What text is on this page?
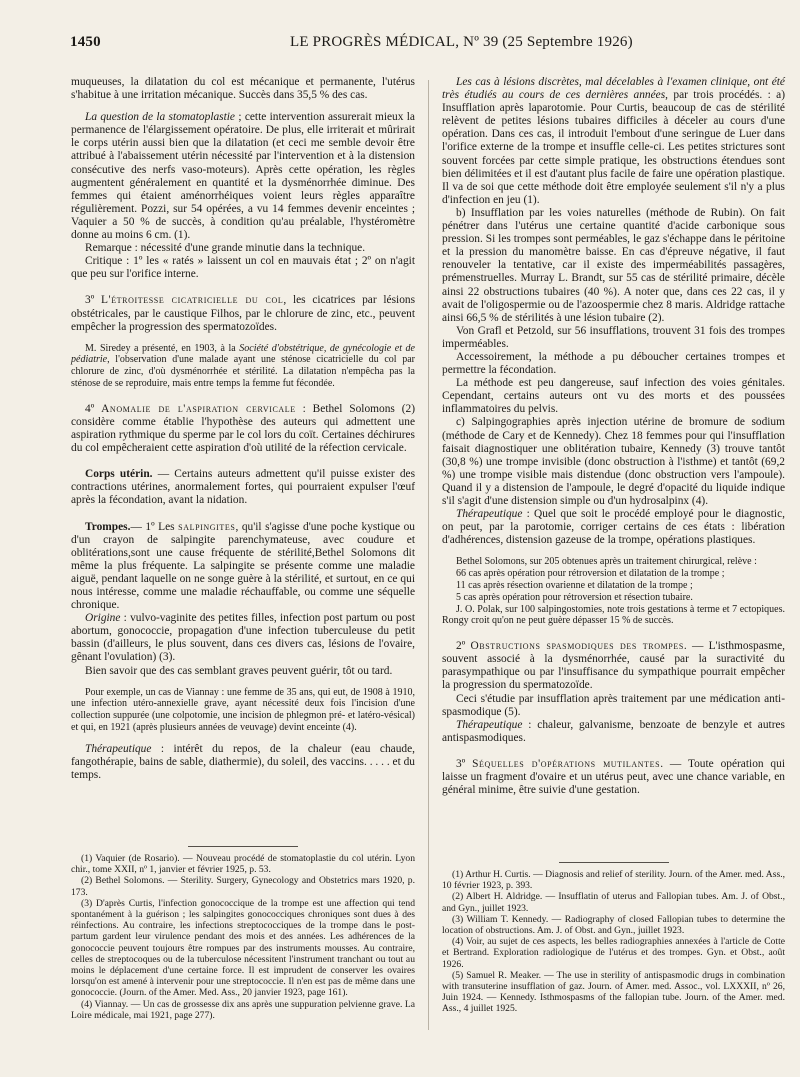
1450	LE PROGRÈS MÉDICAL, Nº 39 (25 Septembre 1926)

muqueuses, la dilatation du col est mécanique et permanente, l'utérus s'habitue à une irritation mécanique. Succès dans 35,5 % des cas.

La question de la stomatoplastie ; cette intervention assurerait mieux la permanence de l'élargissement opératoire. De plus, elle irriterait et mûrirait le corps utérin aussi bien que la dilatation (et ceci me semble devoir être attribué à l'abaissement utérin nécessité par l'intervention et à la distension consécutive des nerfs vaso-moteurs). Après cette opération, les règles augmentent généralement en quantité et la dysménorrhée diminue. Des femmes qui étaient aménorrhéiques voient leurs règles apparaître régulièrement. Pozzi, sur 54 opérées, a vu 14 femmes devenir enceintes ; Vaquier a 50 % de succès, à condition qu'au préalable, l'hystéromètre donne au moins 6 cm. (1).

Remarque : nécessité d'une grande minutie dans la technique.

Critique : 1º les « ratés » laissent un col en mauvais état ; 2º on n'agit que peu sur l'orifice interne.

3º L'étroitesse cicatricielle du col, les cicatrices par lésions obstétricales, par le caustique Filhos, par le chlorure de zinc, etc., peuvent empêcher la progression des spermatozoïdes.

M. Siredey a présenté, en 1903, à la Société d'obstétrique, de gynécologie et de pédiatrie, l'observation d'une malade ayant une sténose cicatricielle du col par chlorure de zinc, d'où dysménorrhée et stérilité. La dilatation n'empêcha pas la sténose de se reproduire, mais entre temps la femme fut fécondée.

4º Anomalie de l'aspiration cervicale : Bethel Solomons (2) considère comme établie l'hypothèse des auteurs qui admettent une aspiration rythmique du sperme par le col lors du coït. Certaines déchirures du col empêcheraient cette aspiration d'où utilité de la réfection cervicale.

Corps utérin. — Certains auteurs admettent qu'il puisse exister des contractions utérines, anormalement fortes, qui pourraient expulser l'œuf après la fécondation, avant la nidation.

Trompes.— 1º Les salpingites, qu'il s'agisse d'une poche kystique ou d'un crayon de salpingite parenchymateuse, avec coudure et oblitérations,sont une cause fréquente de stérilité,Bethel Solomons dit même la plus fréquente. La salpingite se présente comme une maladie aiguë, pendant laquelle on ne songe guère à la stérilité, et surtout, en ce qui nous intéresse, comme une maladie réchauffable, ou comme une séquelle chronique.

Origine : vulvo-vaginite des petites filles, infection post partum ou post abortum, gonococcie, propagation d'une infection tuberculeuse du petit bassin (d'ailleurs, le plus souvent, dans ces divers cas, lésions de l'ovaire, gênant l'ovulation) (3).

Bien savoir que des cas semblant graves peuvent guérir, tôt ou tard.

Pour exemple, un cas de Viannay : une femme de 35 ans, qui eut, de 1908 à 1910, une infection utéro-annexielle grave, ayant nécessité deux fois l'incision d'une collection suppurée (une colpotomie, une incision de phlegmon pré- et latéro-vésical) et qui, en 1921 (après plusieurs années de veuvage) devint enceinte (4).

Thérapeutique : intérêt du repos, de la chaleur (eau chaude, fangothérapie, bains de sable, diathermie), du soleil, des vaccins. . . . . et du temps.

(1) Vaquier (de Rosario). — Nouveau procédé de stomatoplastie du col utérin. Lyon chir., tome XXII, nº 1, janvier et février 1925, p. 53.

(2) Bethel Solomons. — Sterility. Surgery, Gynecology and Obstetrics mars 1920, p. 173.

(3) D'après Curtis, l'infection gonococcique de la trompe est une affection qui tend spontanément à la guérison ; les salpingites gonococciques chroniques sont dues à des réinfections. Au contraire, les infections streptococciques de la trompe dans le post-partum gardent leur virulence pendant des mois et des années. Les adhérences de la gonococcie peuvent toujours être rompues par des instruments mousses. Au contraire, celles de streptocoques ou de la tuberculose nécessitent l'instrument tranchant ou tout au moins le déplacement d'une certaine force. Il est imprudent de conserver les ovaires lorsqu'on est amené à intervenir pour une streptococcie. Il n'en est pas de même dans une gonococcie. (Journ. of the Amer. Med. Ass., 20 janvier 1923, page 161).

(4) Viannay. — Un cas de grossesse dix ans après une suppuration pelvienne grave. La Loire médicale, mai 1921, page 277).

Les cas à lésions discrètes, mal décelables à l'examen clinique, ont été très étudiés au cours de ces dernières années, par trois procédés. : a) Insufflation après laparotomie. Pour Curtis, beaucoup de cas de stérilité relèvent de petites lésions tubaires difficiles à déceler au cours d'une opération. Dans ces cas, il introduit l'embout d'une seringue de Luer dans l'orifice externe de la trompe et insuffle celle-ci. Les petites strictures sont souvent forcées par cette simple pratique, les obstructions étendues sont bien délimitées et il est d'autant plus facile de faire une opération plastique. Il va de soi que cette méthode doit être employée seulement s'il n'y a plus d'infection en jeu (1).

b) Insufflation par les voies naturelles (méthode de Rubin). On fait pénétrer dans l'utérus une certaine quantité d'acide carbonique sous pression. Si les trompes sont perméables, le gaz s'échappe dans le péritoine et la pression du manomètre baisse. En cas d'épreuve négative, il faut renouveler la tentative, car il existe des imperméabilités passagères, prémenstruelles. Murray L. Brandt, sur 55 cas de stérilité primaire, décèle ainsi 22 obstructions tubaires (40 %). A noter que, dans ces 22 cas, il y avait de l'oligospermie ou de l'azoospermie chez 8 maris. Aldridge rattache ainsi 66,5 % de stérilités à une lésion tubaire (2).

Von Grafl et Petzold, sur 56 insufflations, trouvent 31 fois des trompes imperméables.

Accessoirement, la méthode a pu déboucher certaines trompes et permettre la fécondation.

La méthode est peu dangereuse, sauf infection des voies génitales. Cependant, certains auteurs ont vu des morts et des poussées inflammatoires du pelvis.

c) Salpingographies après injection utérine de bromure de sodium (méthode de Cary et de Kennedy). Chez 18 femmes pour qui l'insufflation faisait diagnostiquer une oblitération tubaire, Kennedy (3) trouve tantôt (30,8 %) une trompe invisible (donc obstruction à l'isthme) et tantôt (69,2 %) une trompe visible mais distendue (donc obstruction vers l'ampoule). Quand il y a distension de l'ampoule, le degré d'opacité du liquide indique s'il s'agit d'une distension simple ou d'un hydrosalpinx (4).

Thérapeutique : Quel que soit le procédé employé pour le diagnostic, on peut, par la parotomie, corriger certains de ces états : libération d'adhérences, distension gazeuse de la trompe, opérations plastiques.

Bethel Solomons, sur 205 obtenues après un traitement chirurgical, relève :

66 cas après opération pour rétroversion et dilatation de la trompe ;

11 cas après résection ovarienne et dilatation de la trompe ;

5 cas après opération pour rétroversion et résection tubaire.

J. O. Polak, sur 100 salpingostomies, note trois gestations à terme et 7 ectopiques. Rongy croit qu'on ne peut guère dépasser 15 % de succès.

2º Obstructions spasmodiques des trompes. — L'isthmospasme, souvent associé à la dysménorrhée, causé par la suractivité du parasympathique ou par l'insuffisance du sympathique pourrait empêcher la progression du spermatozoïde.

Ceci s'étudie par insufflation après traitement par une médication anti-spasmodique (5).

Thérapeutique : chaleur, galvanisme, benzoate de benzyle et autres antispasmodiques.

3º Séquelles d'opérations mutilantes. — Toute opération qui laisse un fragment d'ovaire et un utérus peut, avec une chance variable, en général minime, être suivie d'une gestation.

(1) Arthur H. Curtis. — Diagnosis and relief of sterility. Journ. of the Amer. med. Ass., 10 février 1923, p. 393.

(2) Albert H. Aldridge. — Insufflatin of uterus and Fallopian tubes. Am. J. of Obst., and Gyn., juillet 1923.

(3) William T. Kennedy. — Radiography of closed Fallopian tubes to determine the location of obstructions. Am. J. of Obst. and Gyn., juillet 1923.

(4) Voir, au sujet de ces aspects, les belles radiographies annexées à l'article de Cotte et Bertrand. Exploration radiologique de l'utérus et des trompes. Gyn. et Obst., août 1926.

(5) Samuel R. Meaker. — The use in sterility of antispasmodic drugs in combination with transuterine insufflation of gaz. Journ. of Amer. med. Assoc., vol. LXXXII, nº 26, Juin 1924. — Kennedy. Isthmospasms of the fallopian tube. Journ. of the Amer. med. Ass., 4 juillet 1925.
